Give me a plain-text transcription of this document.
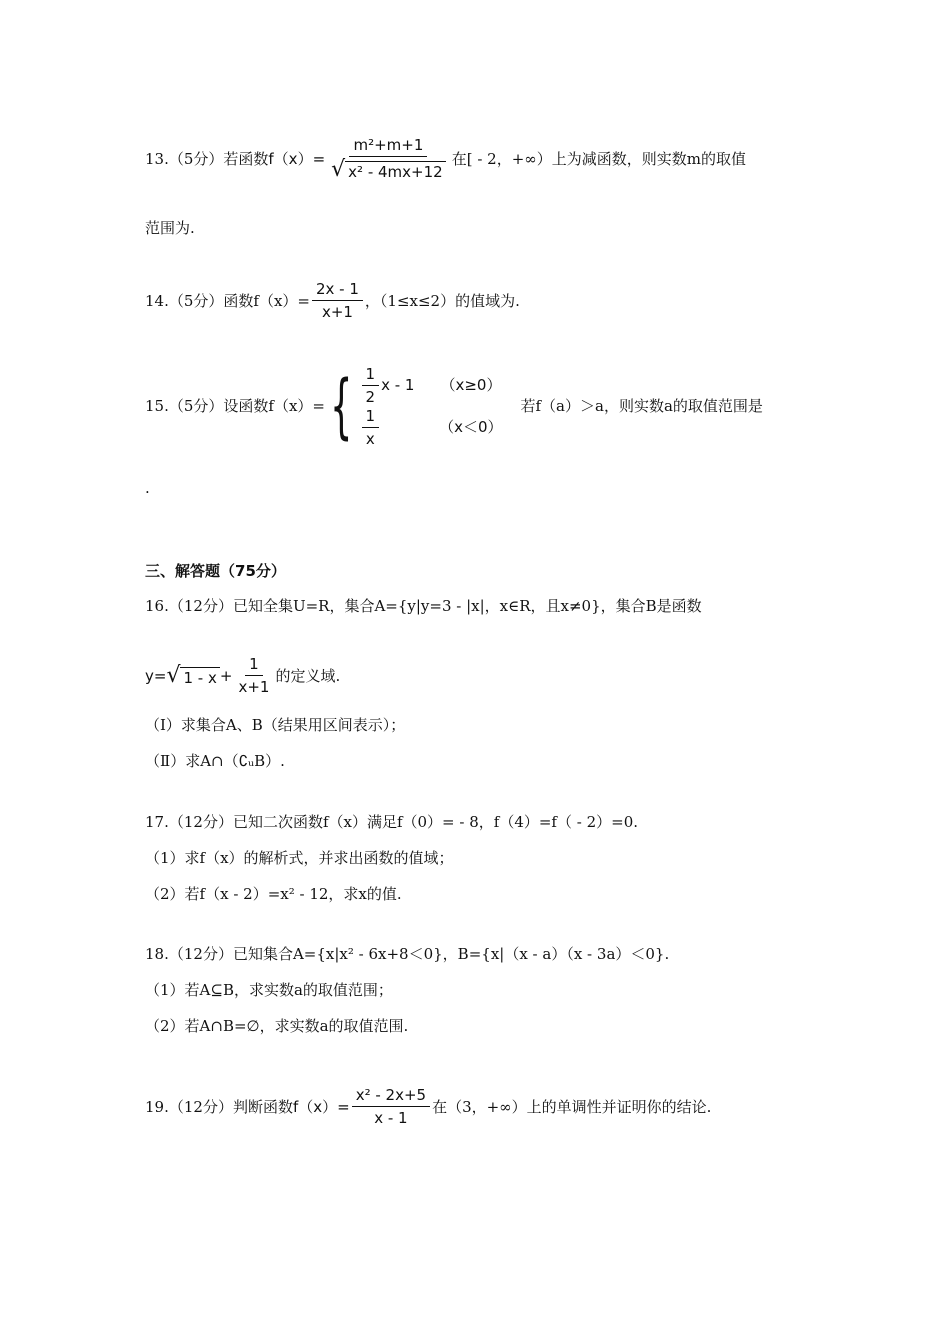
13.（5分）若函数 $f(x)= \frac{\text{m²+m+1}}{\text{√ x² - 4mx+12}}$ 在[ - 2，+∞）上为减函数，则实数m的取值
范围为.
14.（5分）函数$f(x)= \frac{2x - 1}{x+1}$ ，（1≤x≤2）的值域为.
15.（5分）设函数f（x）= { $\frac{1}{2}$ x - 1 （x≥0）
$\frac{1}{x}$	（x＜0）
若f（a）＞a，则实数a的取值范围是
.
三、解答题（75分）
16.（12分）已知全集U=R，集合A={y|y=3 - |x|，x∈R，且x≠0}，集合B是函数
y= √ $1 - x + \frac{1}{x+1}$ 的定义域.
（Ⅰ）求集合A、B（结果用区间表示）；
（Ⅱ）求A∩（∁ᵤB）.
17.（12分）已知二次函数f（x）满足f（0）= - 8，f（4）=f（ - 2）=0.
（1）求f（x）的解析式，并求出函数的值域；
（2）若f（x - 2）=x² - 12，求x的值.
18.（12分）已知集合A={x|x² - 6x+8＜0}，B={x|（x - a）（x - 3a）＜0}.
（1）若A⊆B，求实数a的取值范围；
（2）若A∩B=∅，求实数a的取值范围.
19.（12分）判断函数 $f(x)= \frac{\text{x² - 2x+5}}{x - 1}$ 在（3，+∞）上的单调性并证明你的结论.
